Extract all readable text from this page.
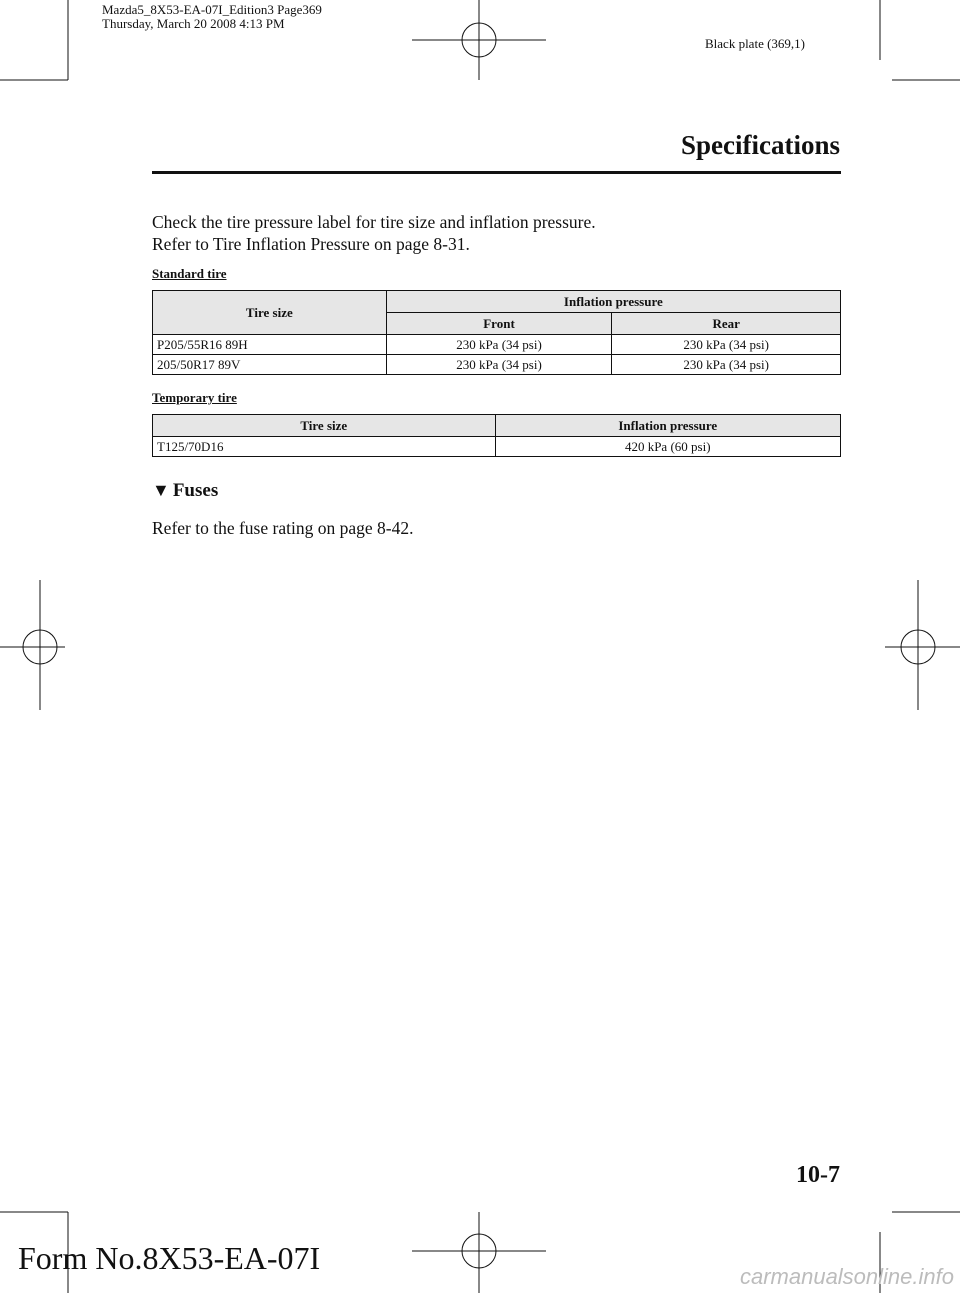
Mazda5_8X53-EA-07I_Edition3 Page369
Thursday, March 20 2008 4:13 PM
Black plate (369,1)
Specifications
Check the tire pressure label for tire size and inflation pressure.
Refer to Tire Inflation Pressure on page 8-31.
Standard tire
Tire size	Inflation pressure	
	Front	Rear
P205/55R16 89H	230 kPa (34 psi)	230 kPa (34 psi)
205/50R17 89V	230 kPa (34 psi)	230 kPa (34 psi)
Temporary tire
Tire size	Inflation pressure
T125/70D16	420 kPa (60 psi)
▼ Fuses
Refer to the fuse rating on page 8-42.
10-7
Form No.8X53-EA-07I
carmanualsonline.info
